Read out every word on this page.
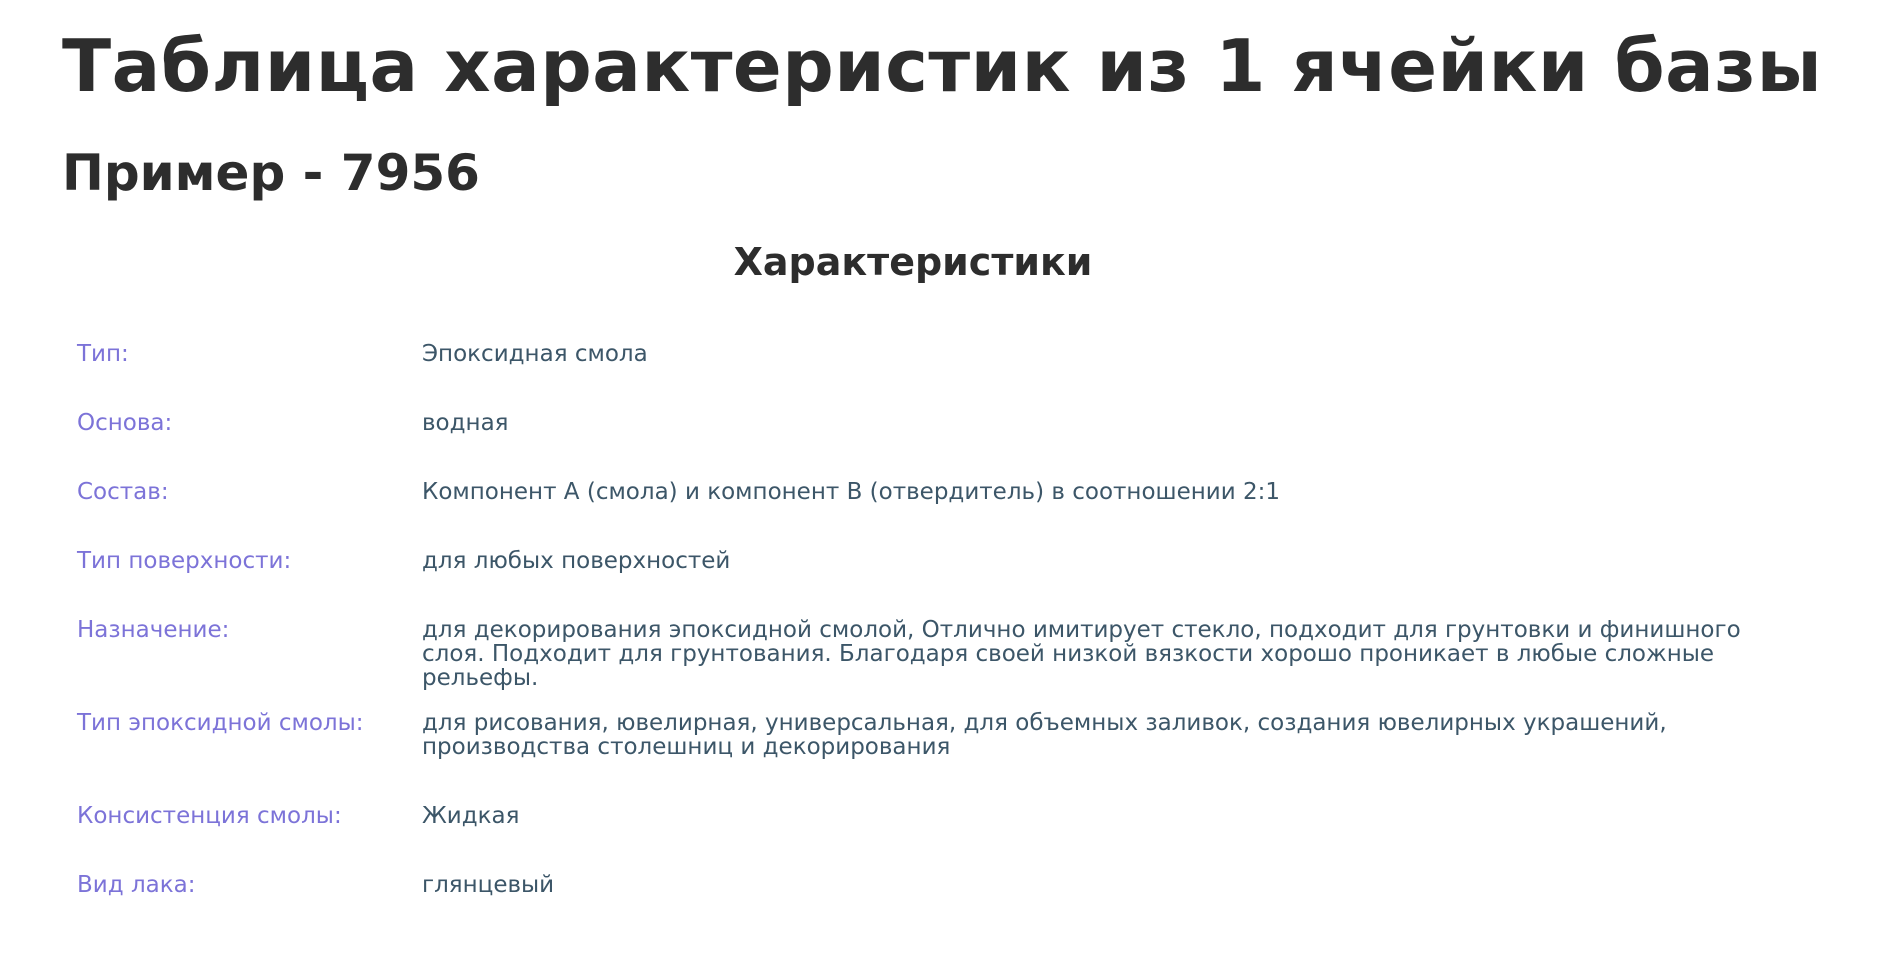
Таблица характеристик из 1 ячейки базы
Пример - 7956
Характеристики
Тип:	Эпоксидная смола
Основа:	водная
Состав:	Компонент А (смола) и компонент В (отвердитель) в соотношении 2:1
Тип поверхности:	для любых поверхностей
Назначение:	для декорирования эпоксидной смолой, Отлично имитирует стекло, подходит для грунтовки и финишного слоя. Подходит для грунтования. Благодаря своей низкой вязкости хорошо проникает в любые сложные рельефы.
Тип эпоксидной смолы:	для рисования, ювелирная, универсальная, для объемных заливок, создания ювелирных украшений, производства столешниц и декорирования
Консистенция смолы:	Жидкая
Вид лака:	глянцевый
